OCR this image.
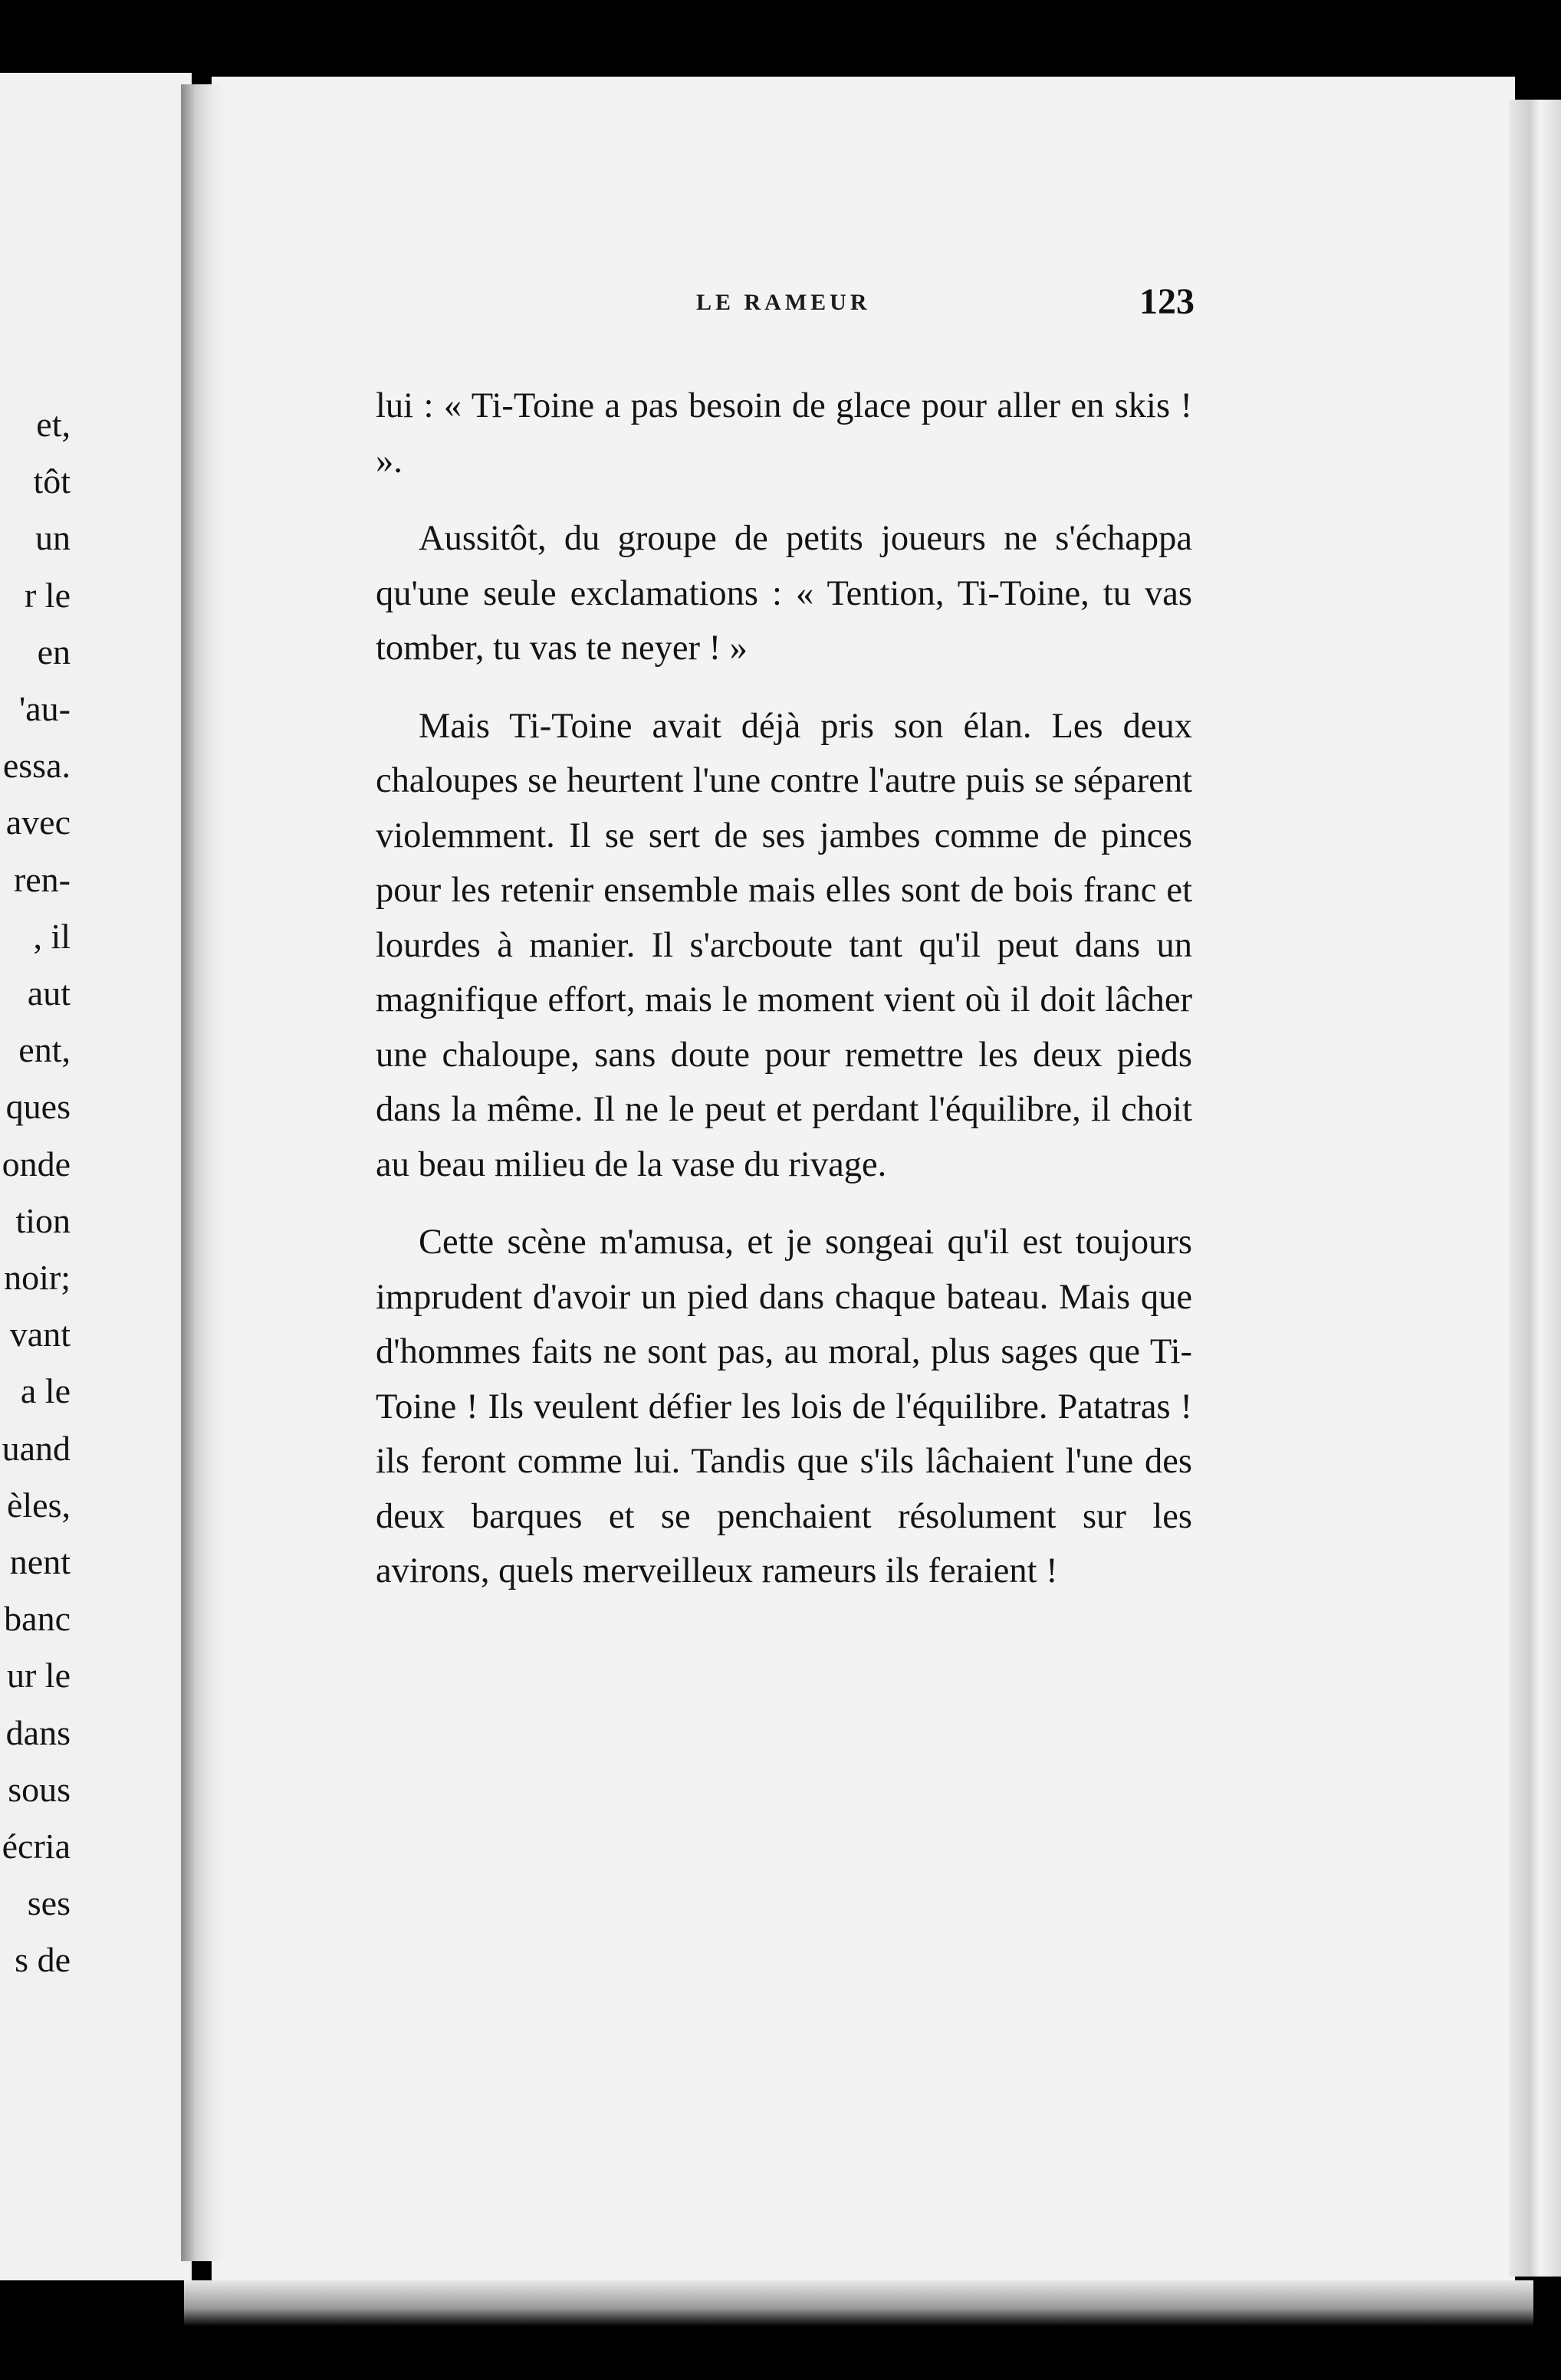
et,
tôt
un
r le
en
'au-
essa.
avec
ren-
, il
aut
ent,
ques
onde
tion
noir;
vant
a le
uand
èles,
nent
banc
ur le
dans
sous
écria
ses
s de
LE RAMEUR	123

lui : « Ti-Toine a pas besoin de glace pour aller en skis ! ».

Aussitôt, du groupe de petits joueurs ne s'échappa qu'une seule exclamations : « Tention, Ti-Toine, tu vas tomber, tu vas te neyer ! »

Mais Ti-Toine avait déjà pris son élan. Les deux chaloupes se heurtent l'une contre l'autre puis se séparent violemment. Il se sert de ses jambes comme de pinces pour les retenir ensemble mais elles sont de bois franc et lourdes à manier. Il s'arcboute tant qu'il peut dans un magnifique effort, mais le moment vient où il doit lâcher une chaloupe, sans doute pour remettre les deux pieds dans la même. Il ne le peut et perdant l'équilibre, il choit au beau milieu de la vase du rivage.

Cette scène m'amusa, et je songeai qu'il est toujours imprudent d'avoir un pied dans chaque bateau. Mais que d'hommes faits ne sont pas, au moral, plus sages que Ti-Toine ! Ils veulent défier les lois de l'équilibre. Patatras ! ils feront comme lui. Tandis que s'ils lâchaient l'une des deux barques et se penchaient résolument sur les avirons, quels merveilleux rameurs ils feraient !
